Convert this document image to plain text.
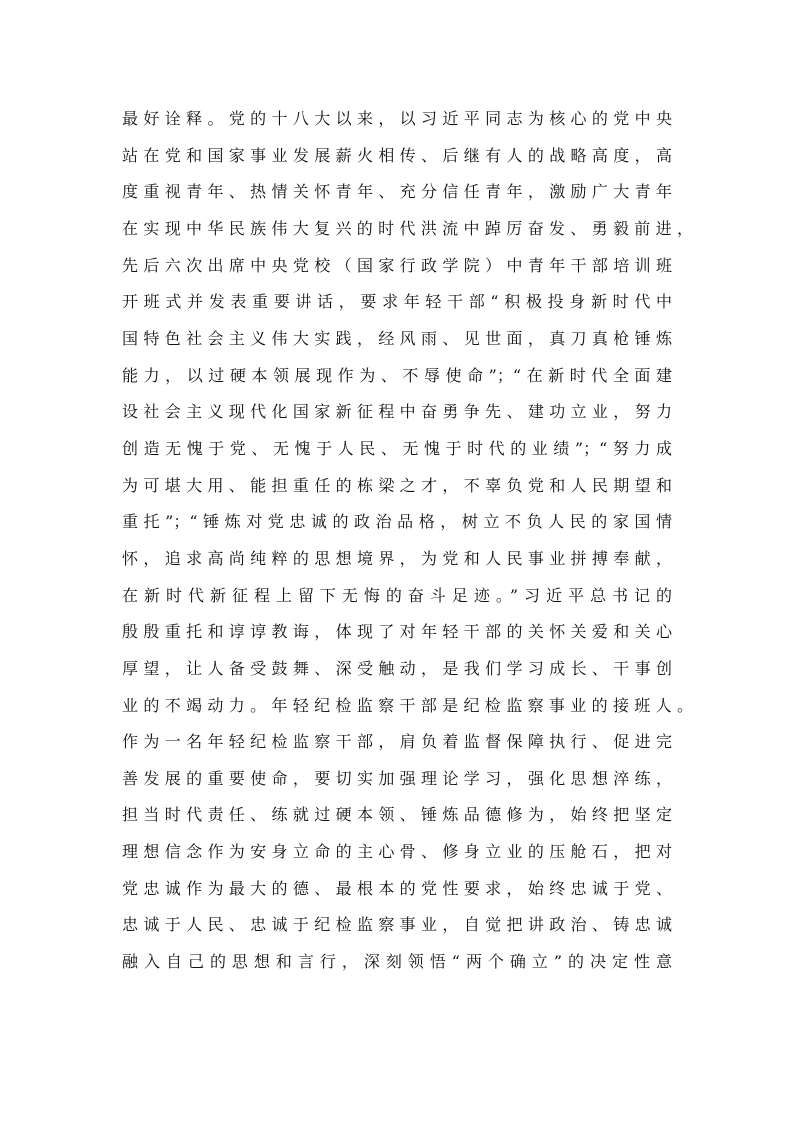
最好诠释。党的十八大以来，以习近平同志为核心的党中央
站在党和国家事业发展薪火相传、后继有人的战略高度，高
度重视青年、热情关怀青年、充分信任青年，激励广大青年
在实现中华民族伟大复兴的时代洪流中踔厉奋发、勇毅前进，
先后六次出席中央党校（国家行政学院）中青年干部培训班
开班式并发表重要讲话，要求年轻干部“积极投身新时代中
国特色社会主义伟大实践，经风雨、见世面，真刀真枪锤炼
能力，以过硬本领展现作为、不辱使命”；“在新时代全面建
设社会主义现代化国家新征程中奋勇争先、建功立业，努力
创造无愧于党、无愧于人民、无愧于时代的业绩”；“努力成
为可堪大用、能担重任的栋梁之才，不辜负党和人民期望和
重托”；“锤炼对党忠诚的政治品格，树立不负人民的家国情
怀，追求高尚纯粹的思想境界，为党和人民事业拼搏奉献，
在新时代新征程上留下无悔的奋斗足迹。”习近平总书记的
殷殷重托和谆谆教诲，体现了对年轻干部的关怀关爱和关心
厚望，让人备受鼓舞、深受触动，是我们学习成长、干事创
业的不竭动力。年轻纪检监察干部是纪检监察事业的接班人。
作为一名年轻纪检监察干部，肩负着监督保障执行、促进完
善发展的重要使命，要切实加强理论学习，强化思想淬练，
担当时代责任、练就过硬本领、锤炼品德修为，始终把坚定
理想信念作为安身立命的主心骨、修身立业的压舱石，把对
党忠诚作为最大的德、最根本的党性要求，始终忠诚于党、
忠诚于人民、忠诚于纪检监察事业，自觉把讲政治、铸忠诚
融入自己的思想和言行，深刻领悟“两个确立”的决定性意
